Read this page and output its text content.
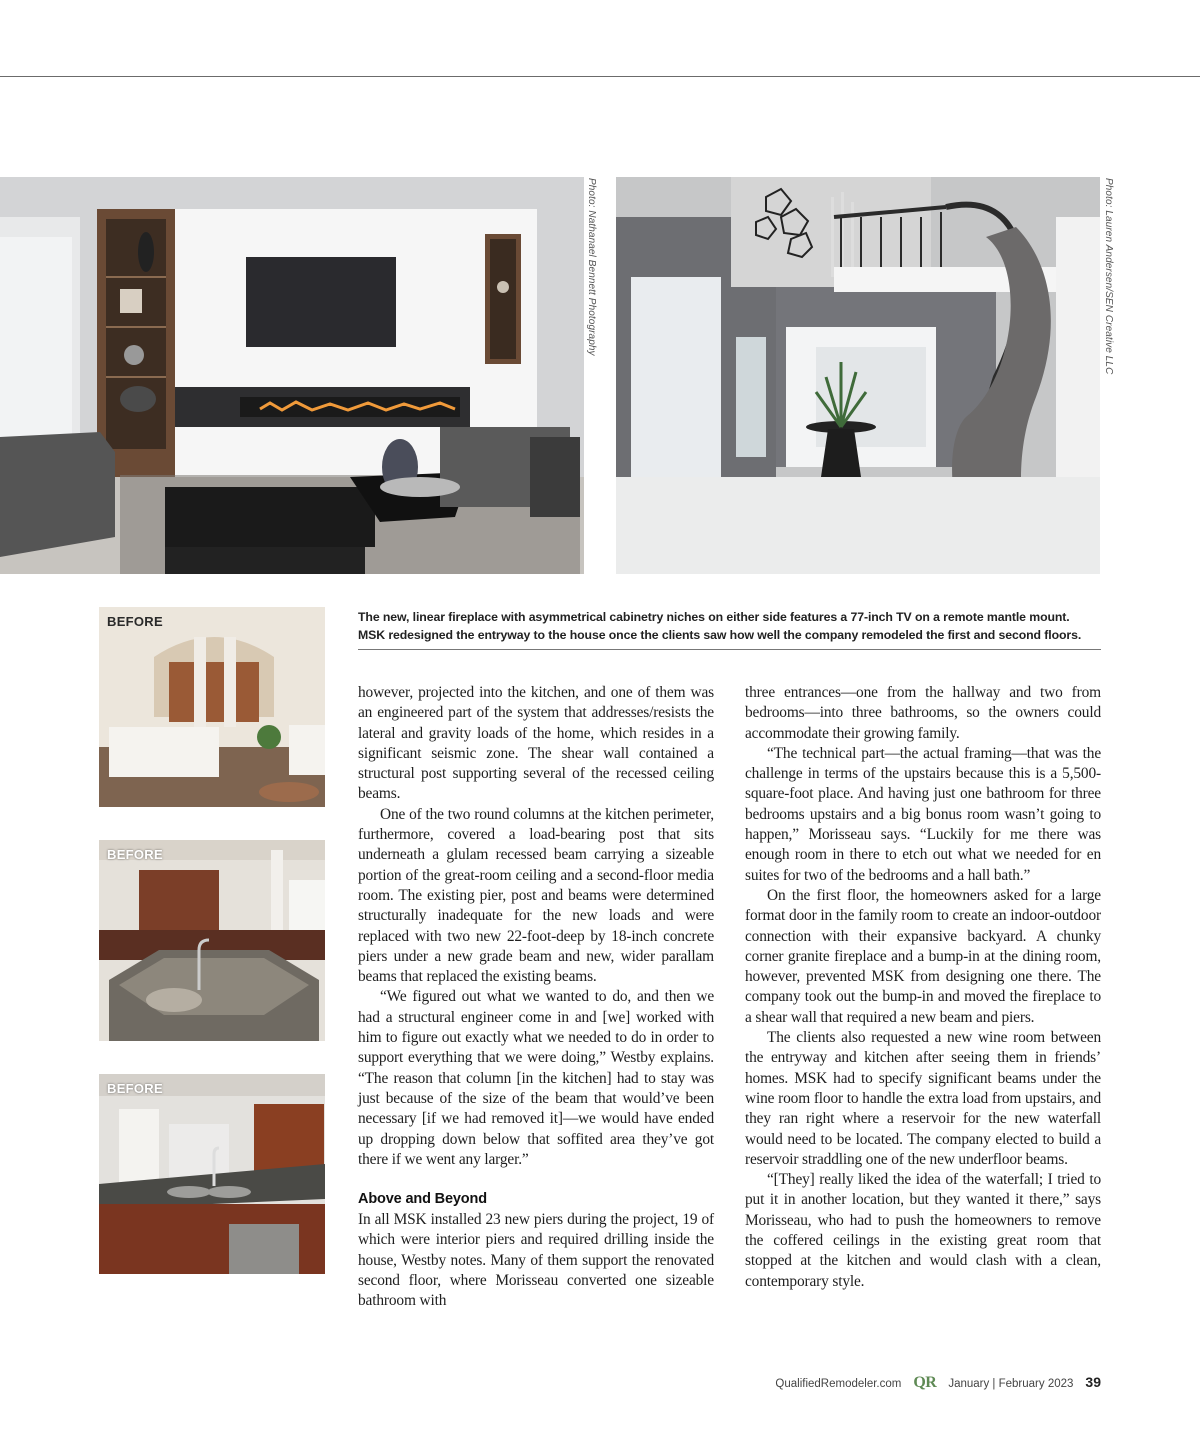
Photo: Nathanael Bennett Photography	Photo: Lauren Andersen/SEN Creative LLC
BEFORE
BEFORE
BEFORE

The new, linear fireplace with asymmetrical cabinetry niches on either side features a 77-inch TV on a remote mantle mount.

MSK redesigned the entryway to the house once the clients saw how well the company remodeled the first and second floors.

however, projected into the kitchen, and one of them was an engineered part of the system that addresses/resists the lateral and gravity loads of the home, which resides in a significant seismic zone. The shear wall contained a structural post supporting several of the recessed ceiling beams.

One of the two round columns at the kitchen perimeter, furthermore, covered a load-bearing post that sits underneath a glulam recessed beam carrying a sizeable portion of the great-room ceiling and a second-floor media room. The existing pier, post and beams were determined structurally inadequate for the new loads and were replaced with two new 22-foot-deep by 18-inch concrete piers under a new grade beam and new, wider parallam beams that replaced the existing beams.

“We figured out what we wanted to do, and then we had a structural engineer come in and [we] worked with him to figure out exactly what we needed to do in order to support everything that we were doing,” Westby explains. “The reason that column [in the kitchen] had to stay was just because of the size of the beam that would’ve been necessary [if we had removed it]—we would have ended up dropping down below that soffited area they’ve got there if we went any larger.”

Above and Beyond

In all MSK installed 23 new piers during the project, 19 of which were interior piers and required drilling inside the house, Westby notes. Many of them support the renovated second floor, where Morisseau converted one sizeable bathroom with

three entrances—one from the hallway and two from bedrooms—into three bathrooms, so the owners could accommodate their growing family.

“The technical part—the actual framing—that was the challenge in terms of the upstairs because this is a 5,500-square-foot place. And having just one bathroom for three bedrooms upstairs and a big bonus room wasn’t going to happen,” Morisseau says. “Luckily for me there was enough room in there to etch out what we needed for en suites for two of the bedrooms and a hall bath.”

On the first floor, the homeowners asked for a large format door in the family room to create an indoor-outdoor connection with their expansive backyard. A chunky corner granite fireplace and a bump-in at the dining room, however, prevented MSK from designing one there. The company took out the bump-in and moved the fireplace to a shear wall that required a new beam and piers.

The clients also requested a new wine room between the entryway and kitchen after seeing them in friends’ homes. MSK had to specify significant beams under the wine room floor to handle the extra load from upstairs, and they ran right where a reservoir for the new waterfall would need to be located. The company elected to build a reservoir straddling one of the new underfloor beams.

“[They] really liked the idea of the waterfall; I tried to put it in another location, but they wanted it there,” says Morisseau, who had to push the homeowners to remove the coffered ceilings in the existing great room that stopped at the kitchen and would clash with a clean, contemporary style.

QualifiedRemodeler.com QR January | February 2023 39
